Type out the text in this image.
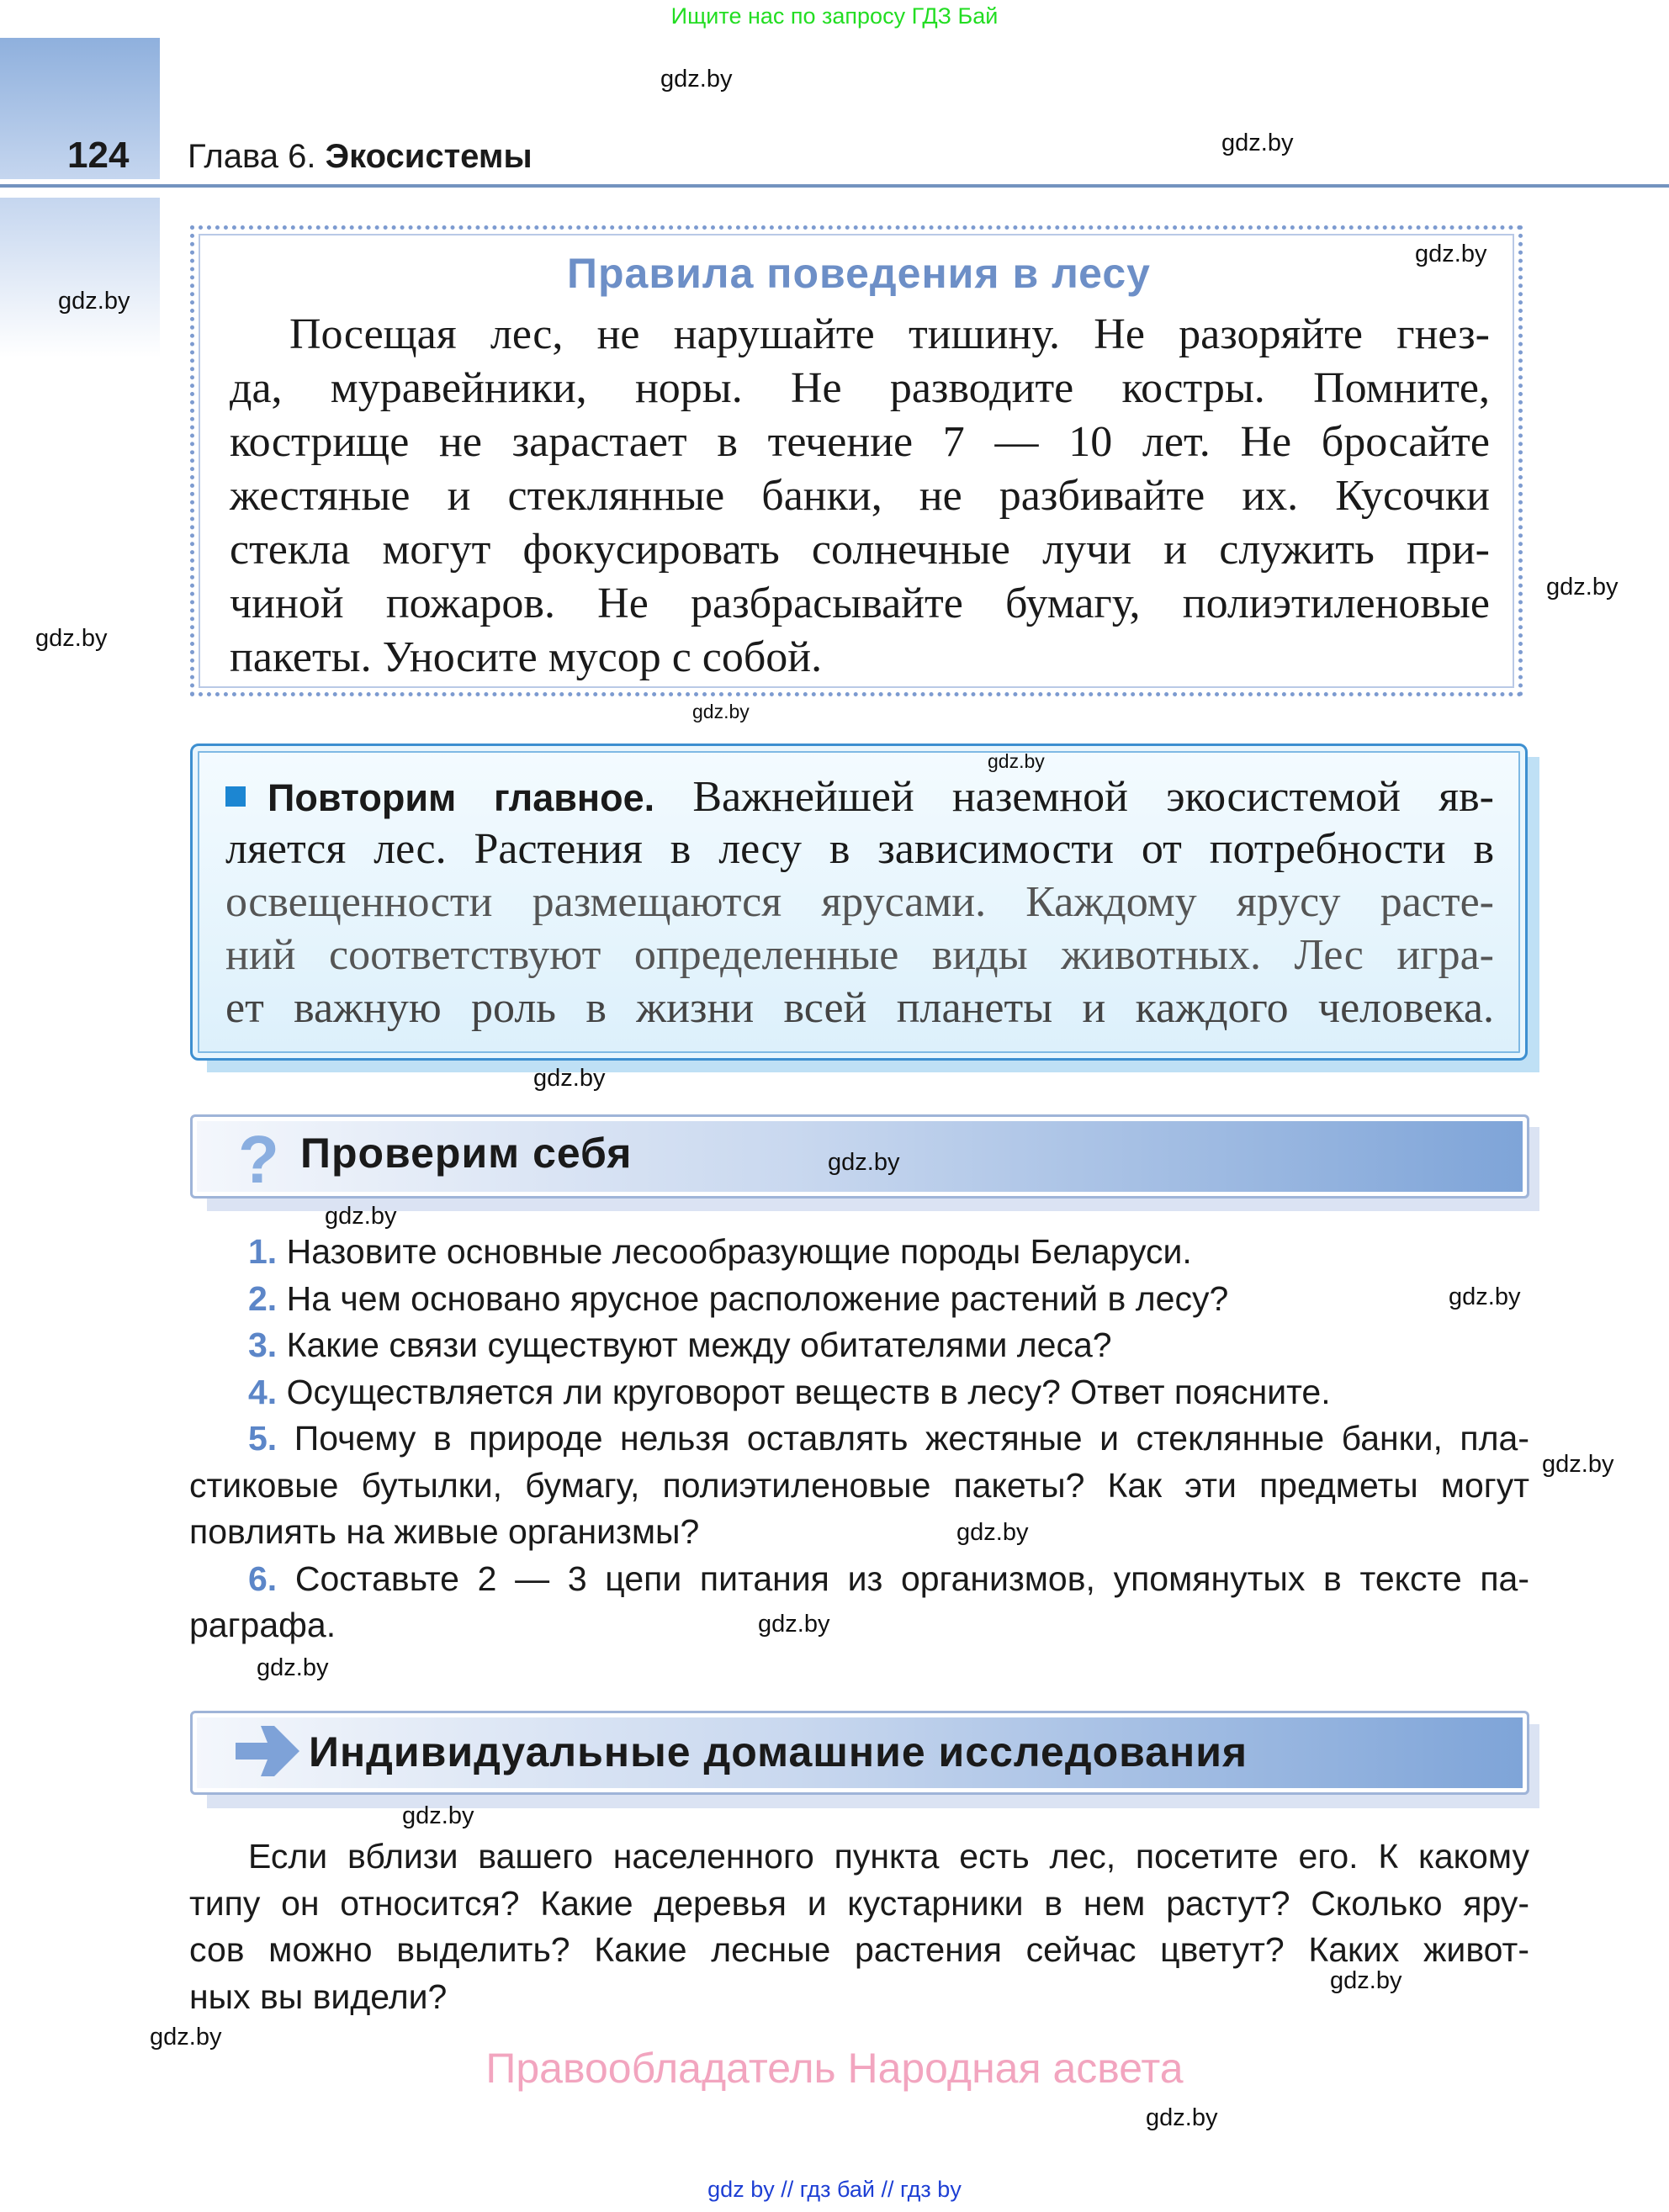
Ищите нас по запросу ГДЗ Бай
124 Глава 6. Экосистемы
Правила поведения в лесу
Посещая лес, не нарушайте тишину. Не разоряйте гнез-
да, муравейники, норы. Не разводите костры. Помните,
кострище не зарастает в течение 7 — 10 лет. Не бросайте
жестяные и стеклянные банки, не разбивайте их. Кусочки
стекла могут фокусировать солнечные лучи и служить при-
чиной пожаров. Не разбрасывайте бумагу, полиэтиленовые
пакеты. Уносите мусор с собой.
Повторим главное. Важнейшей наземной экосистемой яв-
ляется лес. Растения в лесу в зависимости от потребности в
освещенности размещаются ярусами. Каждому ярусу расте-
ний соответствуют определенные виды животных. Лес игра-
ет важную роль в жизни всей планеты и каждого человека.
? Проверим себя
1. Назовите основные лесообразующие породы Беларуси.
2. На чем основано ярусное расположение растений в лесу?
3. Какие связи существуют между обитателями леса?
4. Осуществляется ли круговорот веществ в лесу? Ответ поясните.
5. Почему в природе нельзя оставлять жестяные и стеклянные банки, пла-
стиковые бутылки, бумагу, полиэтиленовые пакеты? Как эти предметы могут
повлиять на живые организмы?
6. Составьте 2 — 3 цепи питания из организмов, упомянутых в тексте па-
раграфа.
Индивидуальные домашние исследования
Если вблизи вашего населенного пункта есть лес, посетите его. К какому
типу он относится? Какие деревья и кустарники в нем растут? Сколько яру-
сов можно выделить? Какие лесные растения сейчас цветут? Каких живот-
ных вы видели?
Правообладатель Народная асвета
gdz by // гдз бай // гдз by
gdz.by
gdz.by
gdz.by
gdz.by
gdz.by
gdz.by
gdz.by
gdz.by
gdz.by
gdz.by
gdz.by
gdz.by
gdz.by
gdz.by
gdz.by
gdz.by
gdz.by
gdz.by
gdz.by
gdz.by
